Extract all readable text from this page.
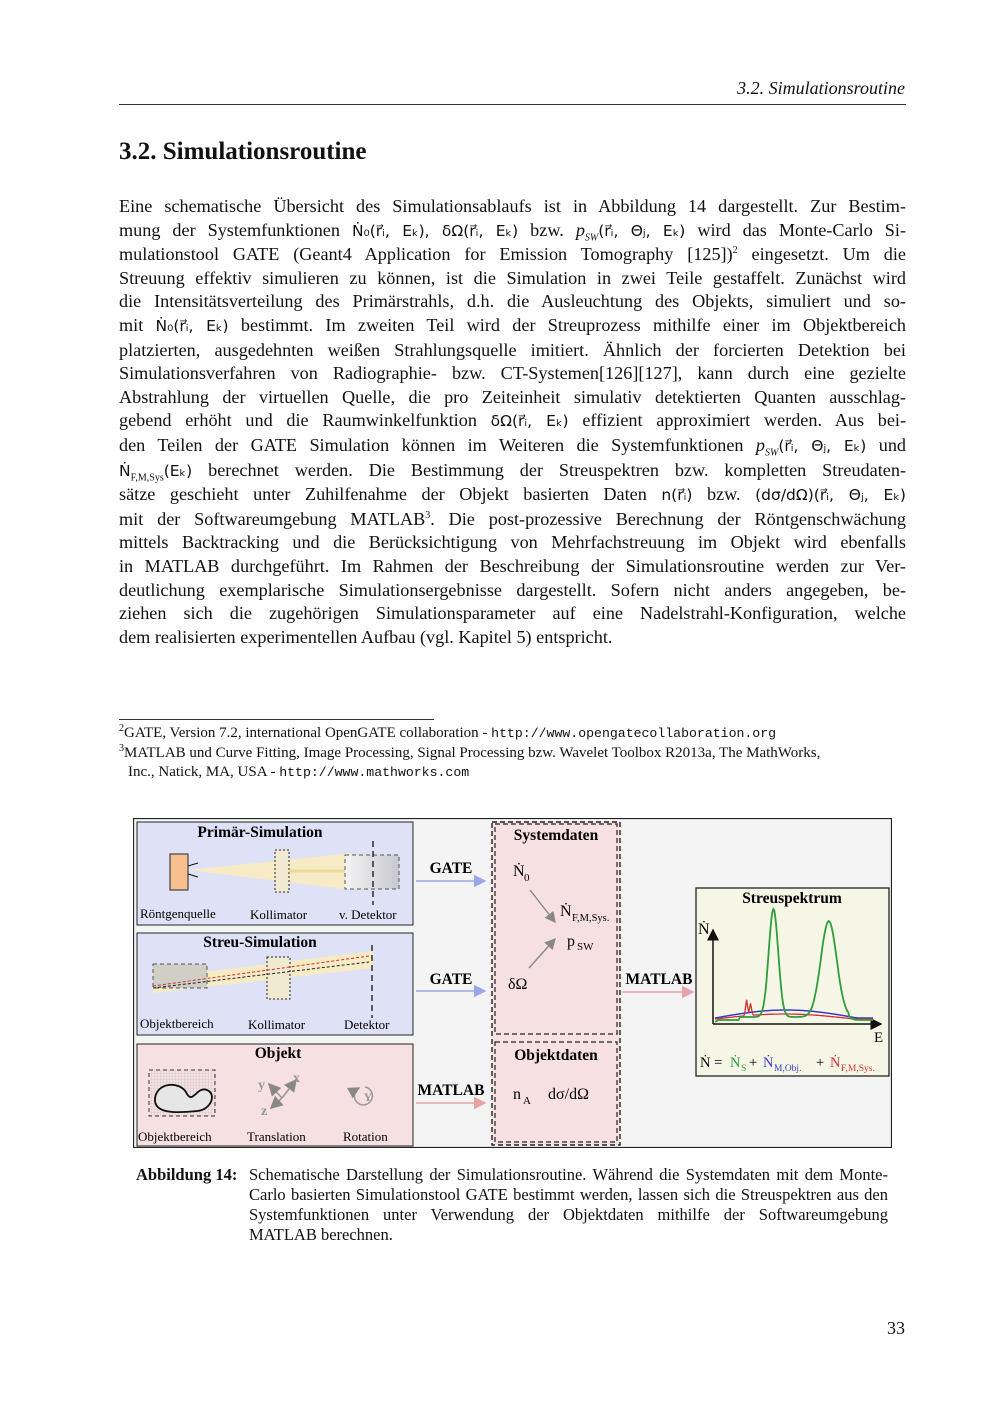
3.2. Simulationsroutine
3.2. Simulationsroutine
Eine schematische Übersicht des Simulationsablaufs ist in Abbildung 14 dargestellt. Zur Bestim-
mung der Systemfunktionen Ṅ₀(r⃗ᵢ, Eₖ), δΩ(r⃗ᵢ, Eₖ) bzw. $p_{SW}(r⃗ᵢ$, Θⱼ, Eₖ) wird das Monte-Carlo Si-
mulationstool GATE (Geant4 Application for Emission Tomography [125])$^2$ eingesetzt. Um die
Streuung effektiv simulieren zu können, ist die Simulation in zwei Teile gestaffelt. Zunächst wird
die Intensitätsverteilung des Primärstrahls, d.h. die Ausleuchtung des Objekts, simuliert und so-
mit Ṅ₀(r⃗ᵢ, Eₖ) bestimmt. Im zweiten Teil wird der Streuprozess mithilfe einer im Objektbereich
platzierten, ausgedehnten weißen Strahlungsquelle imitiert. Ähnlich der forcierten Detektion bei
Simulationsverfahren von Radiographie- bzw. CT-Systemen[126][127], kann durch eine gezielte
Abstrahlung der virtuellen Quelle, die pro Zeiteinheit simulativ detektierten Quanten ausschlag-
gebend erhöht und die Raumwinkelfunktion δΩ(r⃗ᵢ, Eₖ) effizient approximiert werden. Aus bei-
den Teilen der GATE Simulation können im Weiteren die Systemfunktionen $p_{SW}(r⃗ᵢ$, Θⱼ, Eₖ) und
Ṅ$_{F,M,Sys}$(Eₖ) berechnet werden. Die Bestimmung der Streuspektren bzw. kompletten Streudaten-
sätze geschieht unter Zuhilfenahme der Objekt basierten Daten n(r⃗ᵢ) bzw. (dσ/dΩ)(r⃗ᵢ, Θⱼ, Eₖ)
mit der Softwareumgebung MATLAB$^3$. Die post-prozessive Berechnung der Röntgenschwächung
mittels Backtracking und die Berücksichtigung von Mehrfachstreuung im Objekt wird ebenfalls
in MATLAB durchgeführt. Im Rahmen der Beschreibung der Simulationsroutine werden zur Ver-
deutlichung exemplarische Simulationsergebnisse dargestellt. Sofern nicht anders angegeben, be-
ziehen sich die zugehörigen Simulationsparameter auf eine Nadelstrahl-Konfiguration, welche
dem realisierten experimentellen Aufbau (vgl. Kapitel 5) entspricht.
$^2$GATE, Version 7.2, international OpenGATE collaboration - http://www.opengatecollaboration.org
$^3$MATLAB und Curve Fitting, Image Processing, Signal Processing bzw. Wavelet Toolbox R2013a, The MathWorks,
Inc., Natick, MA, USA - http://www.mathworks.com
Primär-Simulation
Röntgenquelle	Kollimator v. Detektor
Streu-Simulation
Objektbereich	Kollimator	Detektor
Objekt
x
y
z
Y
Objektbereich	Translation	Rotation
GATE
GATE
MATLAB
MATLAB
Systemdaten
Ṅ 0
Ṅ F,M,Sys.
p SW
δΩ
Objektdaten
n A dσ/dΩ
Streuspektrum
Ṅ
E
Ṅ = Ṅ S + Ṅ M,Obj. + Ṅ F,M,Sys.
Abbildung 14: Schematische Darstellung der Simulationsroutine. Während die Systemdaten mit dem Monte-Carlo basierten Simulationstool GATE bestimmt werden, lassen sich die Streuspektren aus den Systemfunktionen unter Verwendung der Objektdaten mithilfe der Softwareumgebung MATLAB berechnen.
33
